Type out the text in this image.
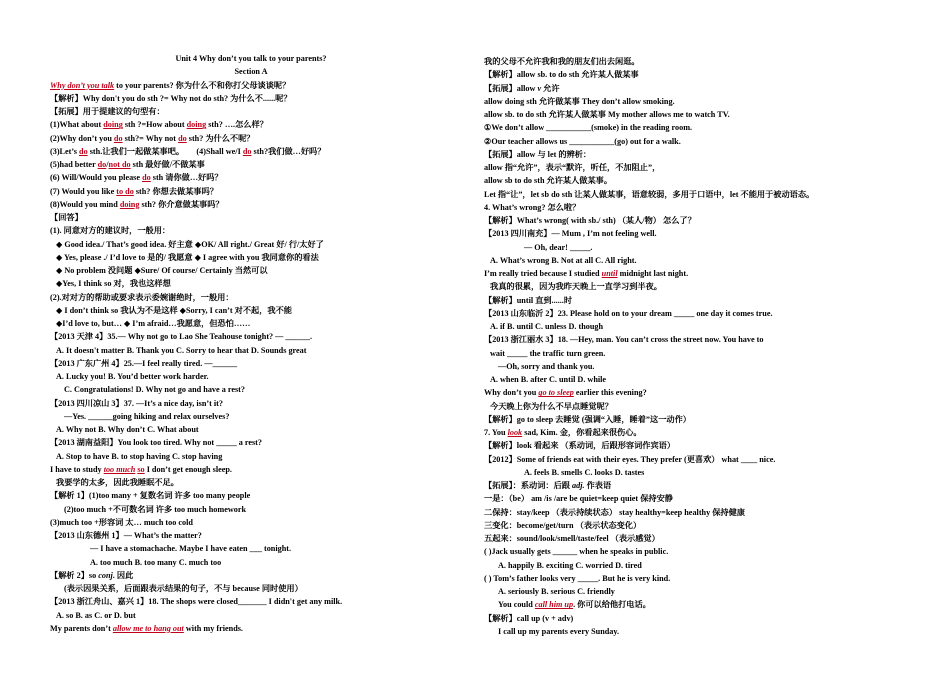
Unit 4 Why don’t you talk to your parents?
Section A
Why don’t you talk to your parents? 你为什么不和你打父母谈谈呢？
【解析】Why don't you do sth ?= Why not do sth? 为什么不......呢？
【拓展】用于提建议的句型有：
(1)What about doing sth ?=How about doing sth? ….怎么样？
(2)Why don’t you do sth?= Why not do sth? 为什么不呢？
(3)Let’s do sth.让我们一起做某事吧。      (4)Shall we/I do sth?我们做…好吗？
(5)had better do/not do sth 最好做/不做某事
(6) Will/Would you please do sth 请你做…好吗？
(7) Would you like to do sth? 你想去做某事吗？
(8)Would you mind doing sth? 你介意做某事吗？
【回答】
(1). 同意对方的建议时，一般用：
◆ Good idea./ That’s good idea. 好主意 ◆OK/ All right./ Great 好/ 行/太好了
◆ Yes, please ./ I’d love to 是的/ 我愿意 ◆ I agree with you 我同意你的看法
◆ No problem 没问题 ◆Sure/ Of course/ Certainly 当然可以
◆Yes, I think so 对，我也这样想
(2).对对方的帮助或要求表示委婉谢绝时，一般用：
◆ I don’t think so 我认为不是这样 ◆Sorry, I can’t 对不起，我不能
◆I’d love to, but… ◆ I’m afraid…我愿意，但恐怕……
【2013 天津 4】35.— Why not go to Lao She Teahouse tonight? — ______.
A. It doesn't matter B. Thank you C. Sorry to hear that D. Sounds great
【2013 广东广州 4】25.—I feel really tired. —______
A. Lucky you! B. You’d better work harder.
C. Congratulations! D. Why not go and have a rest?
【2013 四川凉山 3】37. —It’s a nice day, isn’t it?
—Yes. ______going hiking and relax ourselves?
A. Why not B. Why don’t C. What about
【2013 湖南益阳】You look too tired. Why not _____ a rest?
A. Stop to have B. to stop having C. stop having
I have to study too much so I don’t get enough sleep.
我要学的太多，因此我睡眠不足。
【解析 1】(1)too many + 复数名词 许多 too many people
(2)too much +不可数名词 许多 too much homework
(3)much too +形容词 太… much too cold
【2013 山东德州 1】— What’s the matter?
— I have a stomachache. Maybe I have eaten ___ tonight.
A. too much B. too many C. much too
【解析 2】so conj. 因此
(表示因果关系，后面跟表示结果的句子，不与 because 同时使用）
【2013 浙江舟山、嘉兴 1】18. The shops were closed_______ I didn't get any milk.
A. so B. as C. or D. but
My parents don’t allow me to hang out with my friends.
我的父母不允许我和我的朋友们出去闲逛。
【解析】allow sb. to do sth 允许某人做某事
【拓展】allow v 允许
allow doing sth 允许做某事 They don’t allow smoking.
allow sb. to do sth 允许某人做某事 My mother allows me to watch TV.
①We don’t allow ___________(smoke) in the reading room.
②Our teacher allows us ___________(go) out for a walk.
【拓展】allow 与 let 的辨析：
allow 指“允许”，表示“默许，听任，不加阻止”，
allow sb to do sth 允许某人做某事。
Let 指“让”，let sb do sth 让某人做某事，语意较弱，多用于口语中，let 不能用于被动语态。
4. What’s wrong? 怎么啦？
【解析】What’s wrong( with sb./ sth) （某人/物） 怎么了？
【2013 四川南充】— Mum , I’m not feeling well.
— Oh, dear! _____.
A. What’s wrong B. Not at all C. All right.
I’m really tried because I studied until midnight last night.
我真的很累，因为我昨天晚上一直学习到半夜。
【解析】until 直到......时
【2013 山东临沂 2】23. Please hold on to your dream _____ one day it comes true.
A. if B. until C. unless D. though
【2013 浙江丽水 3】18. —Hey, man. You can’t cross the street now. You have to
wait _____ the traffic turn green.
—Oh, sorry and thank you.
A. when B. after C. until D. while
Why don’t you go to sleep earlier this evening?
今天晚上你为什么不早点睡觉呢？
【解析】go to sleep 去睡觉 (强调“入睡，睡着”这一动作）
7. You look sad, Kim. 金，你看起来很伤心。
【解析】look 看起来 （系动词，后跟形容词作宾语）
【2012】Some of friends eat with their eyes. They prefer (更喜欢） what ____ nice.
A. feels B. smells C. looks D. tastes
【拓展】：系动词：后跟 adj. 作表语
一是：（be） am /is /are be quiet=keep quiet 保持安静
二保持：stay/keep （表示持续状态） stay healthy=keep healthy 保持健康
三变化：become/get/turn （表示状态变化）
五起来：sound/look/smell/taste/feel （表示感觉）
( )Jack usually gets ______ when he speaks in public.
A. happily B. exciting C. worried D. tired
( ) Tom’s father looks very _____. But he is very kind.
A. seriously B. serious C. friendly
You could call him up. 你可以给他打电话。
【解析】call up (v + adv)
I call up my parents every Sunday.
